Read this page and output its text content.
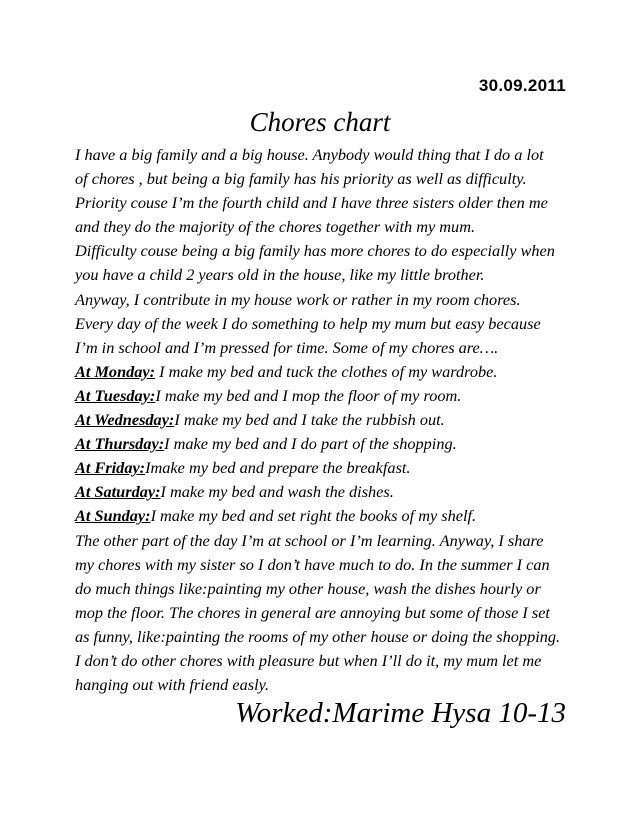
30.09.2011
Chores chart
I have a big family and a big house. Anybody would thing that I do a lot
of chores , but being a big family has his priority as well as difficulty.
Priority couse I’m the fourth child and I have three sisters older then me
and they do the majority of the chores together with my mum.
Difficulty couse being a big family has more chores to do especially when
you have a child 2 years old in the house, like my little brother.
Anyway, I contribute in my house work or rather in my room chores.
Every day of the week I do something to help my mum but easy because
I’m in school and I’m pressed for time. Some of my chores are….
At Monday: I make my bed and tuck the clothes of my wardrobe.
At Tuesday:I make my bed and I mop the floor of my room.
At Wednesday:I make my bed and I take the rubbish out.
At Thursday:I make my bed and I do part of the shopping.
At Friday:Imake my bed and prepare the breakfast.
At Saturday:I make my bed and wash the dishes.
At Sunday:I make my bed and set right the books of my shelf.
The other part of the day I’m at school or I’m learning. Anyway, I share
my chores with my sister so I don’t have much to do. In the summer I can
do much things like:painting my other house, wash the dishes hourly or
mop the floor. The chores in general are annoying but some of those I set
as funny, like:painting the rooms of my other house or doing the shopping.
I don’t do other chores with pleasure but when I’ll do it, my mum let me
hanging out with friend easly.
Worked:Marime Hysa 10-13
